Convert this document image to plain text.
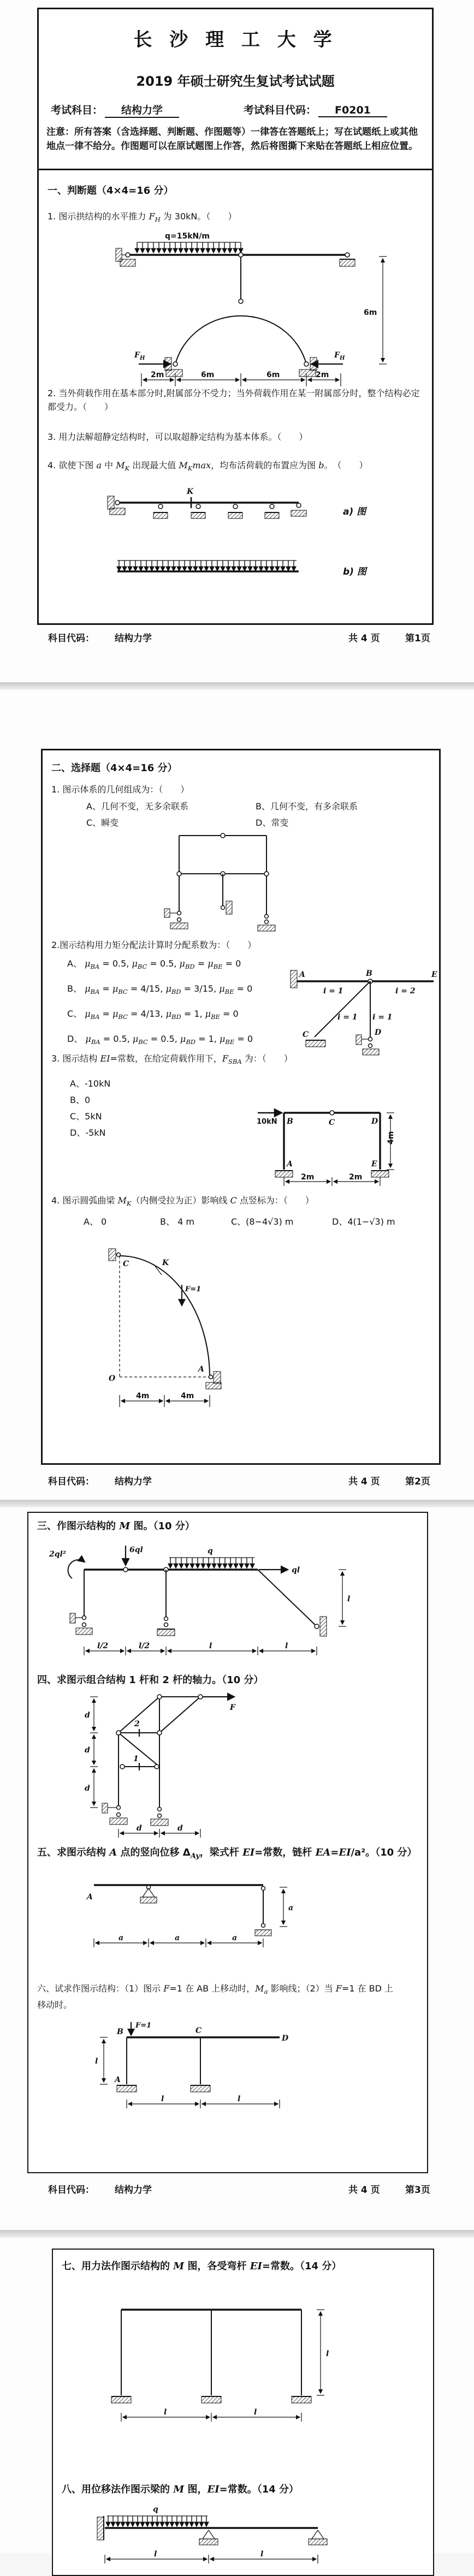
长 沙 理 工 大 学
2019 年硕士研究生复试考试试题
考试科目： 结构力学	考试科目代码： F0201
注意：所有答案（含选择题、判断题、作图题等）一律答在答题纸上；写在试题纸上或其他地点一律不给分。作图题可以在原试题图上作答，然后将图撕下来贴在答题纸上相应位置。
一、判断题（4×4=16 分）
1. 图示拱结构的水平推力 $F_H$ 为 30kN。（　　）
q=15kN/m
$F_H$	$F_H$
6m
2m	6m	6m	2m
2. 当外荷载作用在基本部分时,附属部分不受力；当外荷载作用在某一附属部分时，整个结构必定都受力。（　　）
3. 用力法解超静定结构时，可以取超静定结构为基本体系。（　　）
4. 欲使下图 a 中 $M_K$ 出现最大值 $M_K\max$，均布活荷载的布置应为图 b。　（　　）
K
a) 图
b) 图
科目代码： 结构力学	共 4 页	第1页
二、选择题（4×4=16 分）
1. 图示体系的几何组成为：（　　）
A、几何不变，无多余联系	B、几何不变，有多余联系
C、瞬变	D、常变
2.图示结构用力矩分配法计算时分配系数为：（　　）
A、 $\mu_{BA} = 0.5$, $\mu_{BC} = 0.5$, $\mu_{BD} = \mu_{BE} = 0$
B、 $\mu_{BA} = \mu_{BC} = 4/15$, $\mu_{BD} = 3/15$, $\mu_{BE} = 0$
C、 $\mu_{BA} = \mu_{BC} = 4/13$, $\mu_{BD} = 1$, $\mu_{BE} = 0$
D、 $\mu_{BA} = 0.5$, $\mu_{BC} = 0.5$, $\mu_{BD} = 1$, $\mu_{BE} = 0$
A	B	E
C	D
i = 1	i = 2
i = 1 i = 1
3. 图示结构 EI=常数，在给定荷载作用下，$F_{SBA}$ 为：（　　）
A、-10kN
B、0
C、5kN
D、-5kN
10kN B	C	D
A	E
4m
2m	2m
4. 图示圆弧曲梁 $M_K$（内侧受拉为正）影响线 C 点竖标为：（　　）
A、 0	B、 4 m	C、(8−4√3) m	D、4(1−√3) m
C	K
F=1
O
A
4m	4m
科目代码： 结构力学	共 4 页	第2页
三、作图示结构的 M 图。（10 分）
2ql²	6ql	q
ql
l/2	l/2	l	l
l
四、求图示组合结构 1 杆和 2 杆的轴力。（10 分）
F
2
1
d
d
d
d	d
五、求图示结构 A 点的竖向位移 $\Delta_{Ay}$，梁式杆 EI=常数，链杆 EA=EI/a²。（10 分）
A
a	a	a
a
六、试求作图示结构：（1）图示 F=1 在 AB 上移动时，$M_a$ 影响线；（2）当 F=1 在 BD 上
移动时。
F=1
B	C
D
A
l	l
l
科目代码： 结构力学	共 4 页	第3页
七、用力法作图示结构的 M 图，各受弯杆 EI=常数。（14 分）
l
l	l
八、用位移法作图示梁的 M 图，EI=常数。（14 分）
q
l	l
